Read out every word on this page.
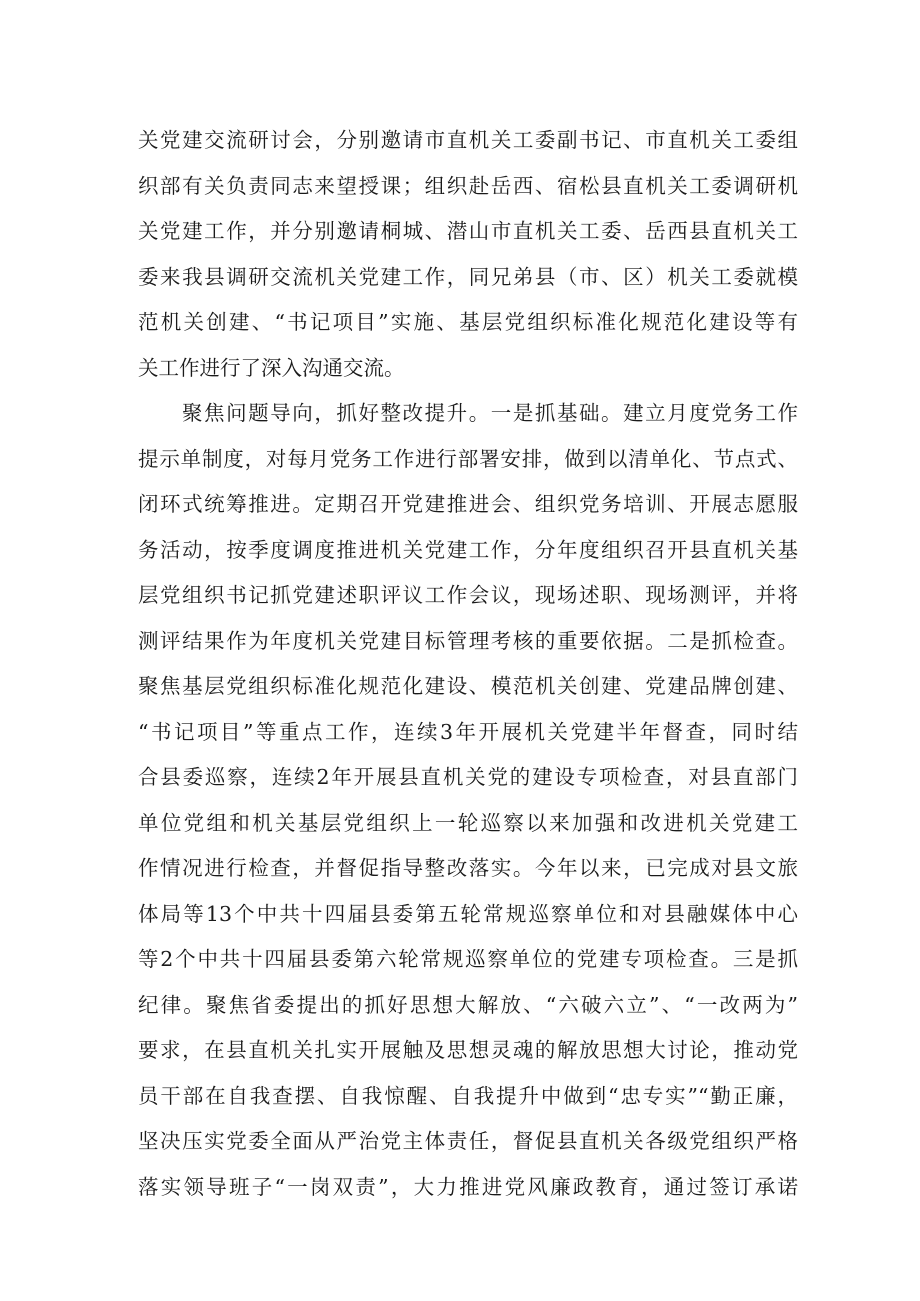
关党建交流研讨会，分别邀请市直机关工委副书记、市直机关工委组
织部有关负责同志来望授课；组织赴岳西、宿松县直机关工委调研机
关党建工作，并分别邀请桐城、潜山市直机关工委、岳西县直机关工
委来我县调研交流机关党建工作，同兄弟县（市、区）机关工委就模
范机关创建、“书记项目”实施、基层党组织标准化规范化建设等有
关工作进行了深入沟通交流。
聚焦问题导向，抓好整改提升。一是抓基础。建立月度党务工作
提示单制度，对每月党务工作进行部署安排，做到以清单化、节点式、
闭环式统筹推进。定期召开党建推进会、组织党务培训、开展志愿服
务活动，按季度调度推进机关党建工作，分年度组织召开县直机关基
层党组织书记抓党建述职评议工作会议，现场述职、现场测评，并将
测评结果作为年度机关党建目标管理考核的重要依据。二是抓检查。
聚焦基层党组织标准化规范化建设、模范机关创建、党建品牌创建、
“书记项目”等重点工作，连续3年开展机关党建半年督查，同时结
合县委巡察，连续2年开展县直机关党的建设专项检查，对县直部门
单位党组和机关基层党组织上一轮巡察以来加强和改进机关党建工
作情况进行检查，并督促指导整改落实。今年以来，已完成对县文旅
体局等13个中共十四届县委第五轮常规巡察单位和对县融媒体中心
等2个中共十四届县委第六轮常规巡察单位的党建专项检查。三是抓
纪律。聚焦省委提出的抓好思想大解放、“六破六立”、“一改两为”
要求，在县直机关扎实开展触及思想灵魂的解放思想大讨论，推动党
员干部在自我查摆、自我惊醒、自我提升中做到“忠专实”“勤正廉，
坚决压实党委全面从严治党主体责任，督促县直机关各级党组织严格
落实领导班子“一岗双责”，大力推进党风廉政教育，通过签订承诺
